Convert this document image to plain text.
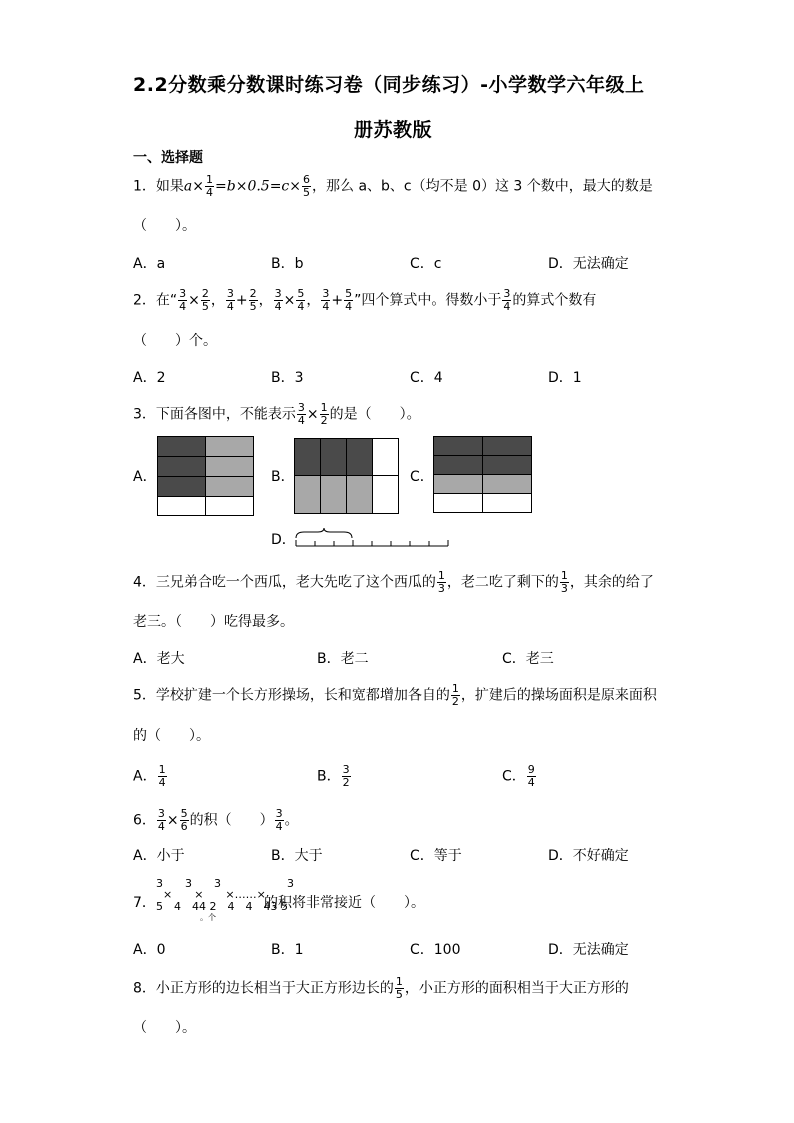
2.2分数乘分数课时练习卷（同步练习）-小学数学六年级上
册苏教版
一、选择题
1．如果$a\times \frac{1}{4} =b\times 0.5=c\times \frac{6}{5}$ ，那么 a、b、c（均不是 0）这 3 个数中，最大的数是
（　　）。
A．a	B．b	C．c	D．无法确定
2．在“ $\frac{3}{4} \times \frac{2}{5}$ ， $\frac{3}{4} + \frac{2}{5}$ ， $\frac{3}{4} \times \frac{5}{4}$ ， $\frac{3}{4} + \frac{5}{4}$ ”四个算式中。得数小于 $\frac{3}{4}$ 的算式个数有
（　　）个。
A．2	B．3	C．4	D．1
3．下面各图中，不能表示 $\frac{3}{4} \times \frac{1}{2}$ 的是（　　）。
A．	B．	C．
D．
4．三兄弟合吃一个西瓜，老大先吃了这个西瓜的 $\frac{1}{3}$ ，老二吃了剩下的 $\frac{1}{3}$ ，其余的给了
老三。（　　）吃得最多。
A．老大	B．老二	C．老三
5．学校扩建一个长方形操场，长和宽都增加各自的 $\frac{1}{2}$ ，扩建后的操场面积是原来面积
的（　　）。
A． $\frac{1}{4}$	B． $\frac{3}{2}$	C． $\frac{9}{4}$
6． $\frac{3}{4} \times \frac{5}{6}$ 的积（　　） $\frac{3}{4}$ 。
A．小于	B．大于	C．等于	D．不好确定
7．
3　　3　　3　　　　　　3
×　　×　　×……×
5　4　44 2　4　4　43 5
。个
的积将非常接近（　　）。
A．0	B．1	C．100	D．无法确定
8．小正方形的边长相当于大正方形边长的 $\frac{1}{5}$ ，小正方形的面积相当于大正方形的
（　　）。
